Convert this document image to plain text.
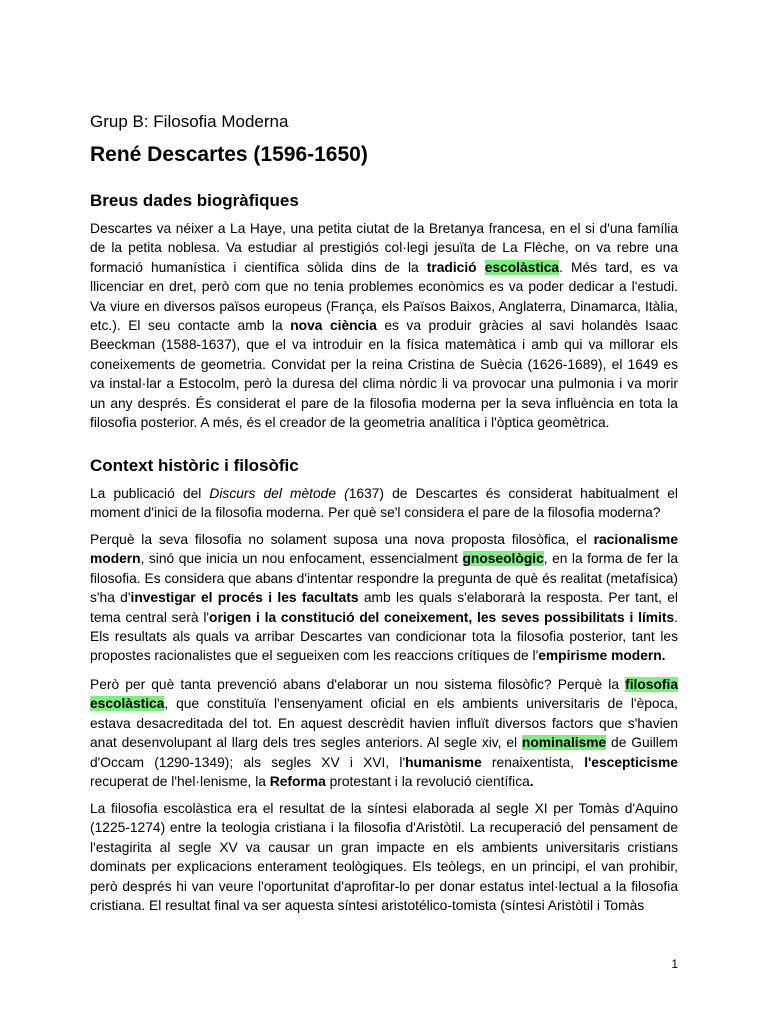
Grup B: Filosofia Moderna
René Descartes (1596-1650)
Breus dades biogràfiques

Descartes va néixer a La Haye, una petita ciutat de la Bretanya francesa, en el si d'una família de la petita noblesa. Va estudiar al prestigiós col·legi jesuïta de La Flèche, on va rebre una formació humanística i científica sòlida dins de la tradició escolàstica. Més tard, es va llicenciar en dret, però com que no tenia problemes econòmics es va poder dedicar a l'estudi. Va viure en diversos països europeus (França, els Països Baixos, Anglaterra, Dinamarca, Itàlia, etc.). El seu contacte amb la nova ciència es va produir gràcies al savi holandès Isaac Beeckman (1588-1637), que el va introduir en la física matemàtica i amb qui va millorar els coneixements de geometria. Convidat per la reina Cristina de Suècia (1626-1689), el 1649 es va instal·lar a Estocolm, però la duresa del clima nòrdic li va provocar una pulmonia i va morir un any després. És considerat el pare de la filosofia moderna per la seva influència en tota la filosofia posterior. A més, és el creador de la geometria analítica i l'òptica geomètrica.

Context històric i filosòfic

La publicació del Discurs del mètode (1637) de Descartes és considerat habitualment el moment d'inici de la filosofia moderna. Per què se'l considera el pare de la filosofia moderna?

Perquè la seva filosofia no solament suposa una nova proposta filosòfica, el racionalisme modern, sinó que inicia un nou enfocament, essencialment gnoseològic, en la forma de fer la filosofia. Es considera que abans d'intentar respondre la pregunta de què és realitat (metafísica) s'ha d'investigar el procés i les facultats amb les quals s'elaborarà la resposta. Per tant, el tema central serà l'origen i la constitució del coneixement, les seves possibilitats i límits. Els resultats als quals va arribar Descartes van condicionar tota la filosofia posterior, tant les propostes racionalistes que el segueixen com les reaccions crítiques de l'empirisme modern.

Però per què tanta prevenció abans d'elaborar un nou sistema filosòfic? Perquè la filosofia escolàstica, que constituïa l'ensenyament oficial en els ambients universitaris de l'època, estava desacreditada del tot. En aquest descrèdit havien influït diversos factors que s'havien anat desenvolupant al llarg dels tres segles anteriors. Al segle xiv, el nominalisme de Guillem d'Occam (1290-1349); als segles XV i XVI, l'humanisme renaixentista, l'escepticisme recuperat de l'hel·lenisme, la Reforma protestant i la revolució científica.

La filosofia escolàstica era el resultat de la síntesi elaborada al segle XI per Tomàs d'Aquino (1225-1274) entre la teologia cristiana i la filosofia d'Aristòtil. La recuperació del pensament de l'estagirita al segle XV va causar un gran impacte en els ambients universitaris cristians dominats per explicacions enterament teològiques. Els teòlegs, en un principi, el van prohibir, però després hi van veure l'oportunitat d'aprofitar-lo per donar estatus intel·lectual a la filosofia cristiana. El resultat final va ser aquesta síntesi aristotélico-tomista (síntesi Aristòtil i Tomàs

1
